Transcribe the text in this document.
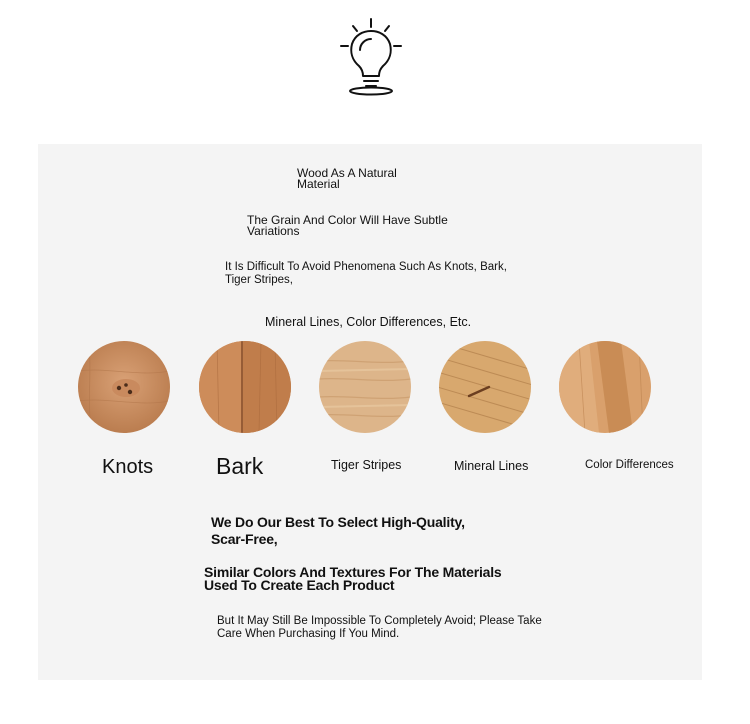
Wood As A Natural Material

The Grain And Color Will Have Subtle Variations

It Is Difficult To Avoid Phenomena Such As Knots, Bark, Tiger Stripes,

Mineral Lines, Color Differences, Etc.

Knots	Bark	Tiger Stripes	Mineral Lines	Color Differences

We Do Our Best To Select High-Quality, Scar-Free,

Similar Colors And Textures For The Materials Used To Create Each Product

But It May Still Be Impossible To Completely Avoid; Please Take Care When Purchasing If You Mind.
